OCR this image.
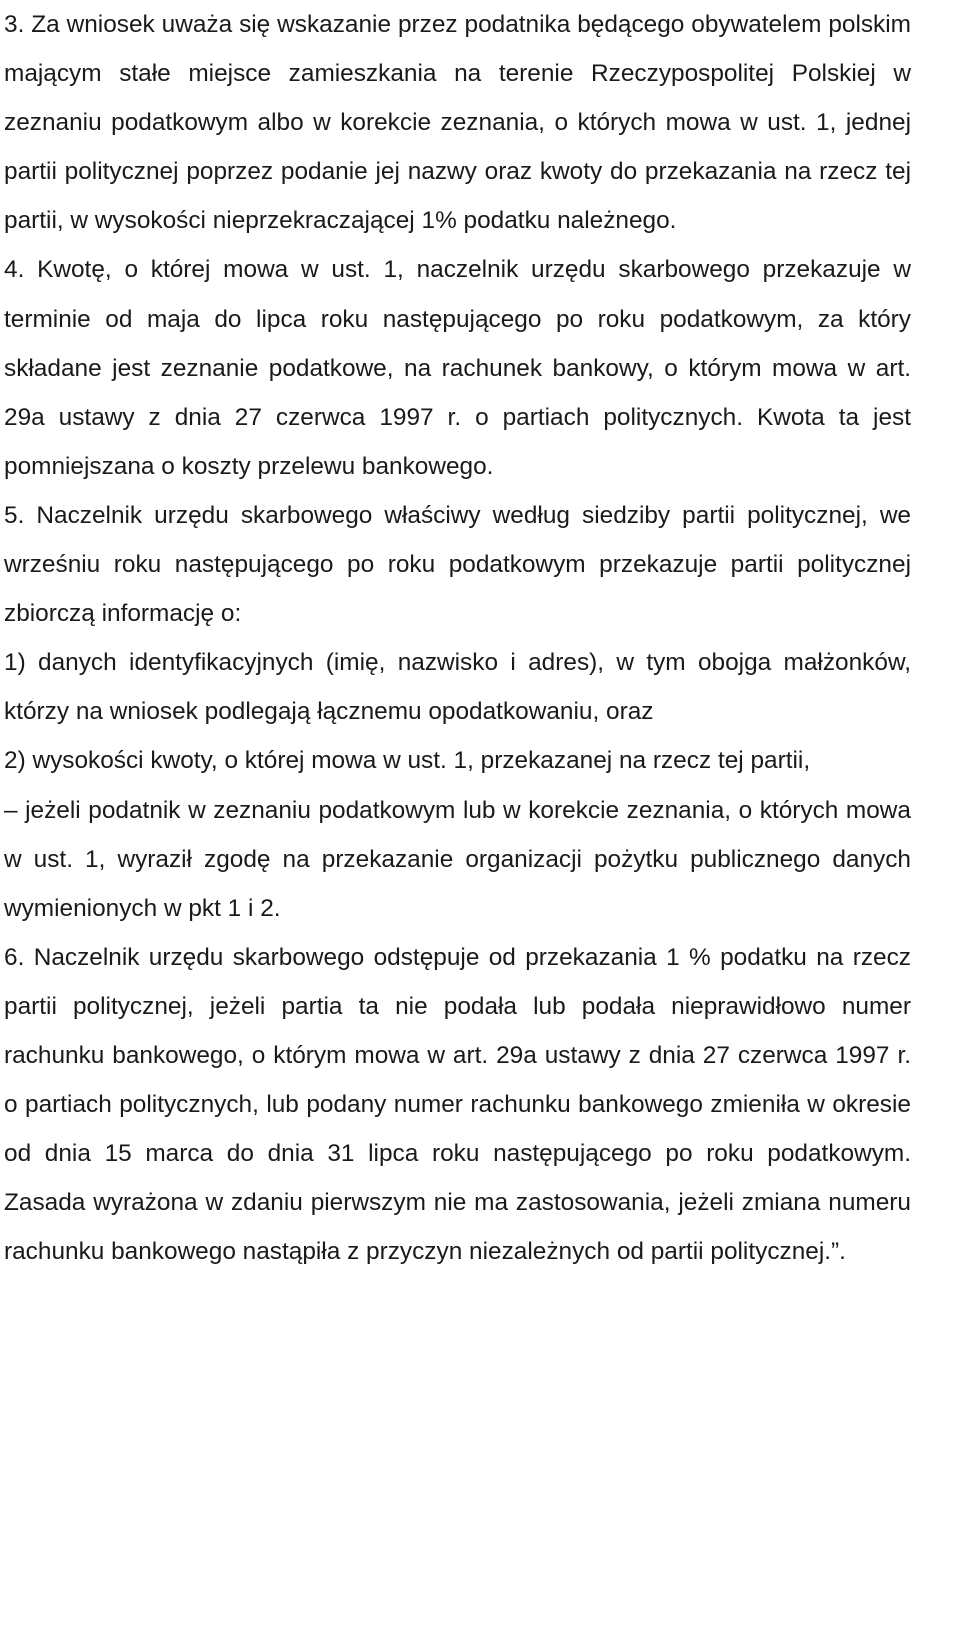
3. Za wniosek uważa się wskazanie przez podatnika będącego obywatelem polskim mającym stałe miejsce zamieszkania na terenie Rzeczypospolitej Polskiej w zeznaniu podatkowym albo w korekcie zeznania, o których mowa w ust. 1, jednej partii politycznej poprzez podanie jej nazwy oraz kwoty do przekazania na rzecz tej partii, w wysokości nieprzekraczającej 1% podatku należnego.

4. Kwotę, o której mowa w ust. 1, naczelnik urzędu skarbowego przekazuje w terminie od maja do lipca roku następującego po roku podatkowym, za który składane jest zeznanie podatkowe, na rachunek bankowy, o którym mowa w art. 29a ustawy z dnia 27 czerwca 1997 r. o partiach politycznych. Kwota ta jest pomniejszana o koszty przelewu bankowego.

5. Naczelnik urzędu skarbowego właściwy według siedziby partii politycznej, we wrześniu roku następującego po roku podatkowym przekazuje partii politycznej zbiorczą informację o:

1) danych identyfikacyjnych (imię, nazwisko i adres), w tym obojga małżonków, którzy na wniosek podlegają łącznemu opodatkowaniu, oraz

2) wysokości kwoty, o której mowa w ust. 1, przekazanej na rzecz tej partii,

– jeżeli podatnik w zeznaniu podatkowym lub w korekcie zeznania, o których mowa w ust. 1, wyraził zgodę na przekazanie organizacji pożytku publicznego danych wymienionych w pkt 1 i 2.

6. Naczelnik urzędu skarbowego odstępuje od przekazania 1 % podatku na rzecz partii politycznej, jeżeli partia ta nie podała lub podała nieprawidłowo numer rachunku bankowego, o którym mowa w art. 29a ustawy z dnia 27 czerwca 1997 r. o partiach politycznych, lub podany numer rachunku bankowego zmieniła w okresie od dnia 15 marca do dnia 31 lipca roku następującego po roku podatkowym. Zasada wyrażona w zdaniu pierwszym nie ma zastosowania, jeżeli zmiana numeru rachunku bankowego nastąpiła z przyczyn niezależnych od partii politycznej.”.
